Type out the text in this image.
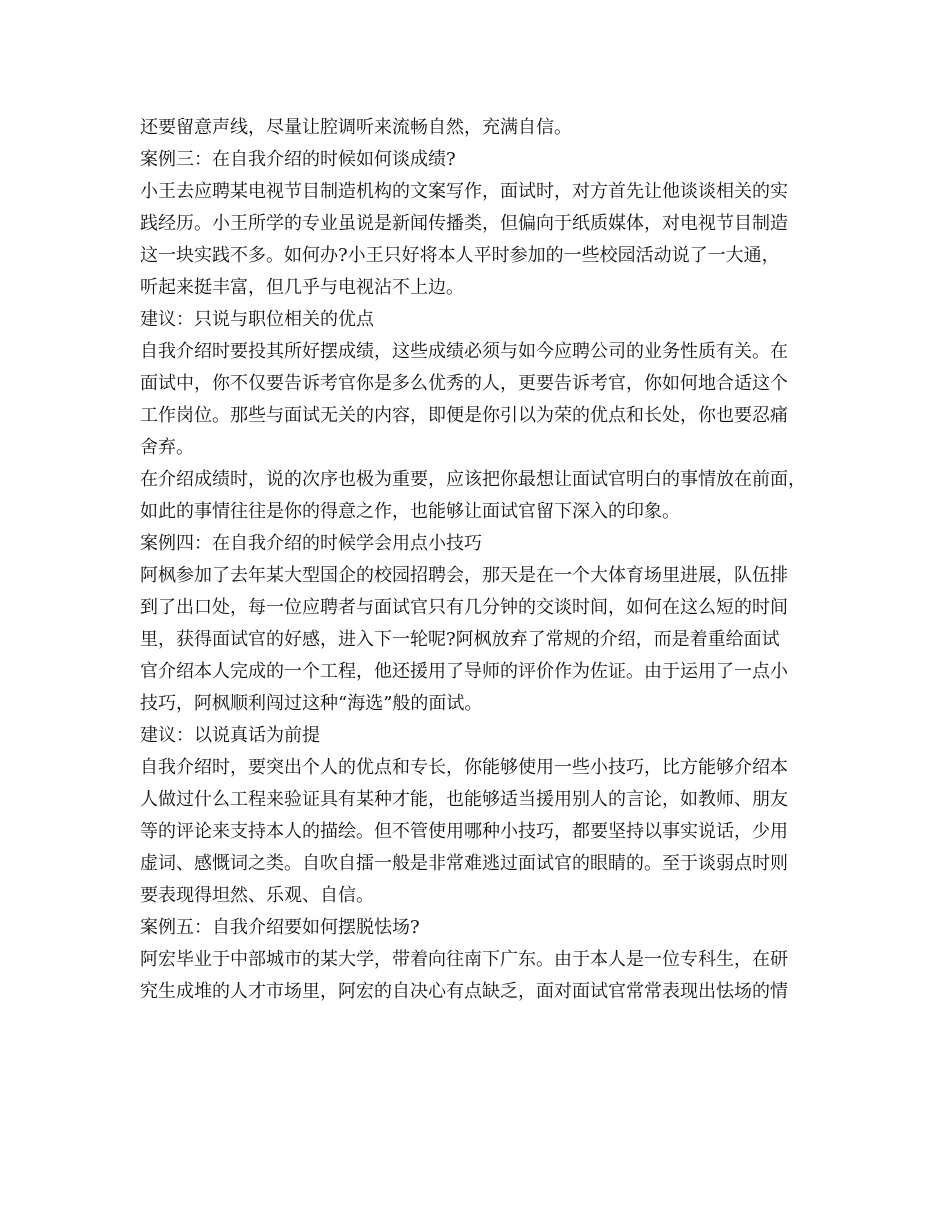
还要留意声线，尽量让腔调听来流畅自然，充满自信。
案例三：在自我介绍的时候如何谈成绩?
小王去应聘某电视节目制造机构的文案写作，面试时，对方首先让他谈谈相关的实
践经历。小王所学的专业虽说是新闻传播类，但偏向于纸质媒体，对电视节目制造
这一块实践不多。如何办?小王只好将本人平时参加的一些校园活动说了一大通，
听起来挺丰富，但几乎与电视沾不上边。
建议：只说与职位相关的优点
自我介绍时要投其所好摆成绩，这些成绩必须与如今应聘公司的业务性质有关。在
面试中，你不仅要告诉考官你是多么优秀的人，更要告诉考官，你如何地合适这个
工作岗位。那些与面试无关的内容，即便是你引以为荣的优点和长处，你也要忍痛
舍弃。
在介绍成绩时，说的次序也极为重要，应该把你最想让面试官明白的事情放在前面，
如此的事情往往是你的得意之作，也能够让面试官留下深入的印象。
案例四：在自我介绍的时候学会用点小技巧
阿枫参加了去年某大型国企的校园招聘会，那天是在一个大体育场里进展，队伍排
到了出口处，每一位应聘者与面试官只有几分钟的交谈时间，如何在这么短的时间
里，获得面试官的好感，进入下一轮呢?阿枫放弃了常规的介绍，而是着重给面试
官介绍本人完成的一个工程，他还援用了导师的评价作为佐证。由于运用了一点小
技巧，阿枫顺利闯过这种“海选”般的面试。
建议：以说真话为前提
自我介绍时，要突出个人的优点和专长，你能够使用一些小技巧，比方能够介绍本
人做过什么工程来验证具有某种才能，也能够适当援用别人的言论，如教师、朋友
等的评论来支持本人的描绘。但不管使用哪种小技巧，都要坚持以事实说话，少用
虚词、感慨词之类。自吹自擂一般是非常难逃过面试官的眼睛的。至于谈弱点时则
要表现得坦然、乐观、自信。
案例五：自我介绍要如何摆脱怯场?
阿宏毕业于中部城市的某大学，带着向往南下广东。由于本人是一位专科生，在研
究生成堆的人才市场里，阿宏的自决心有点缺乏，面对面试官常常表现出怯场的情
